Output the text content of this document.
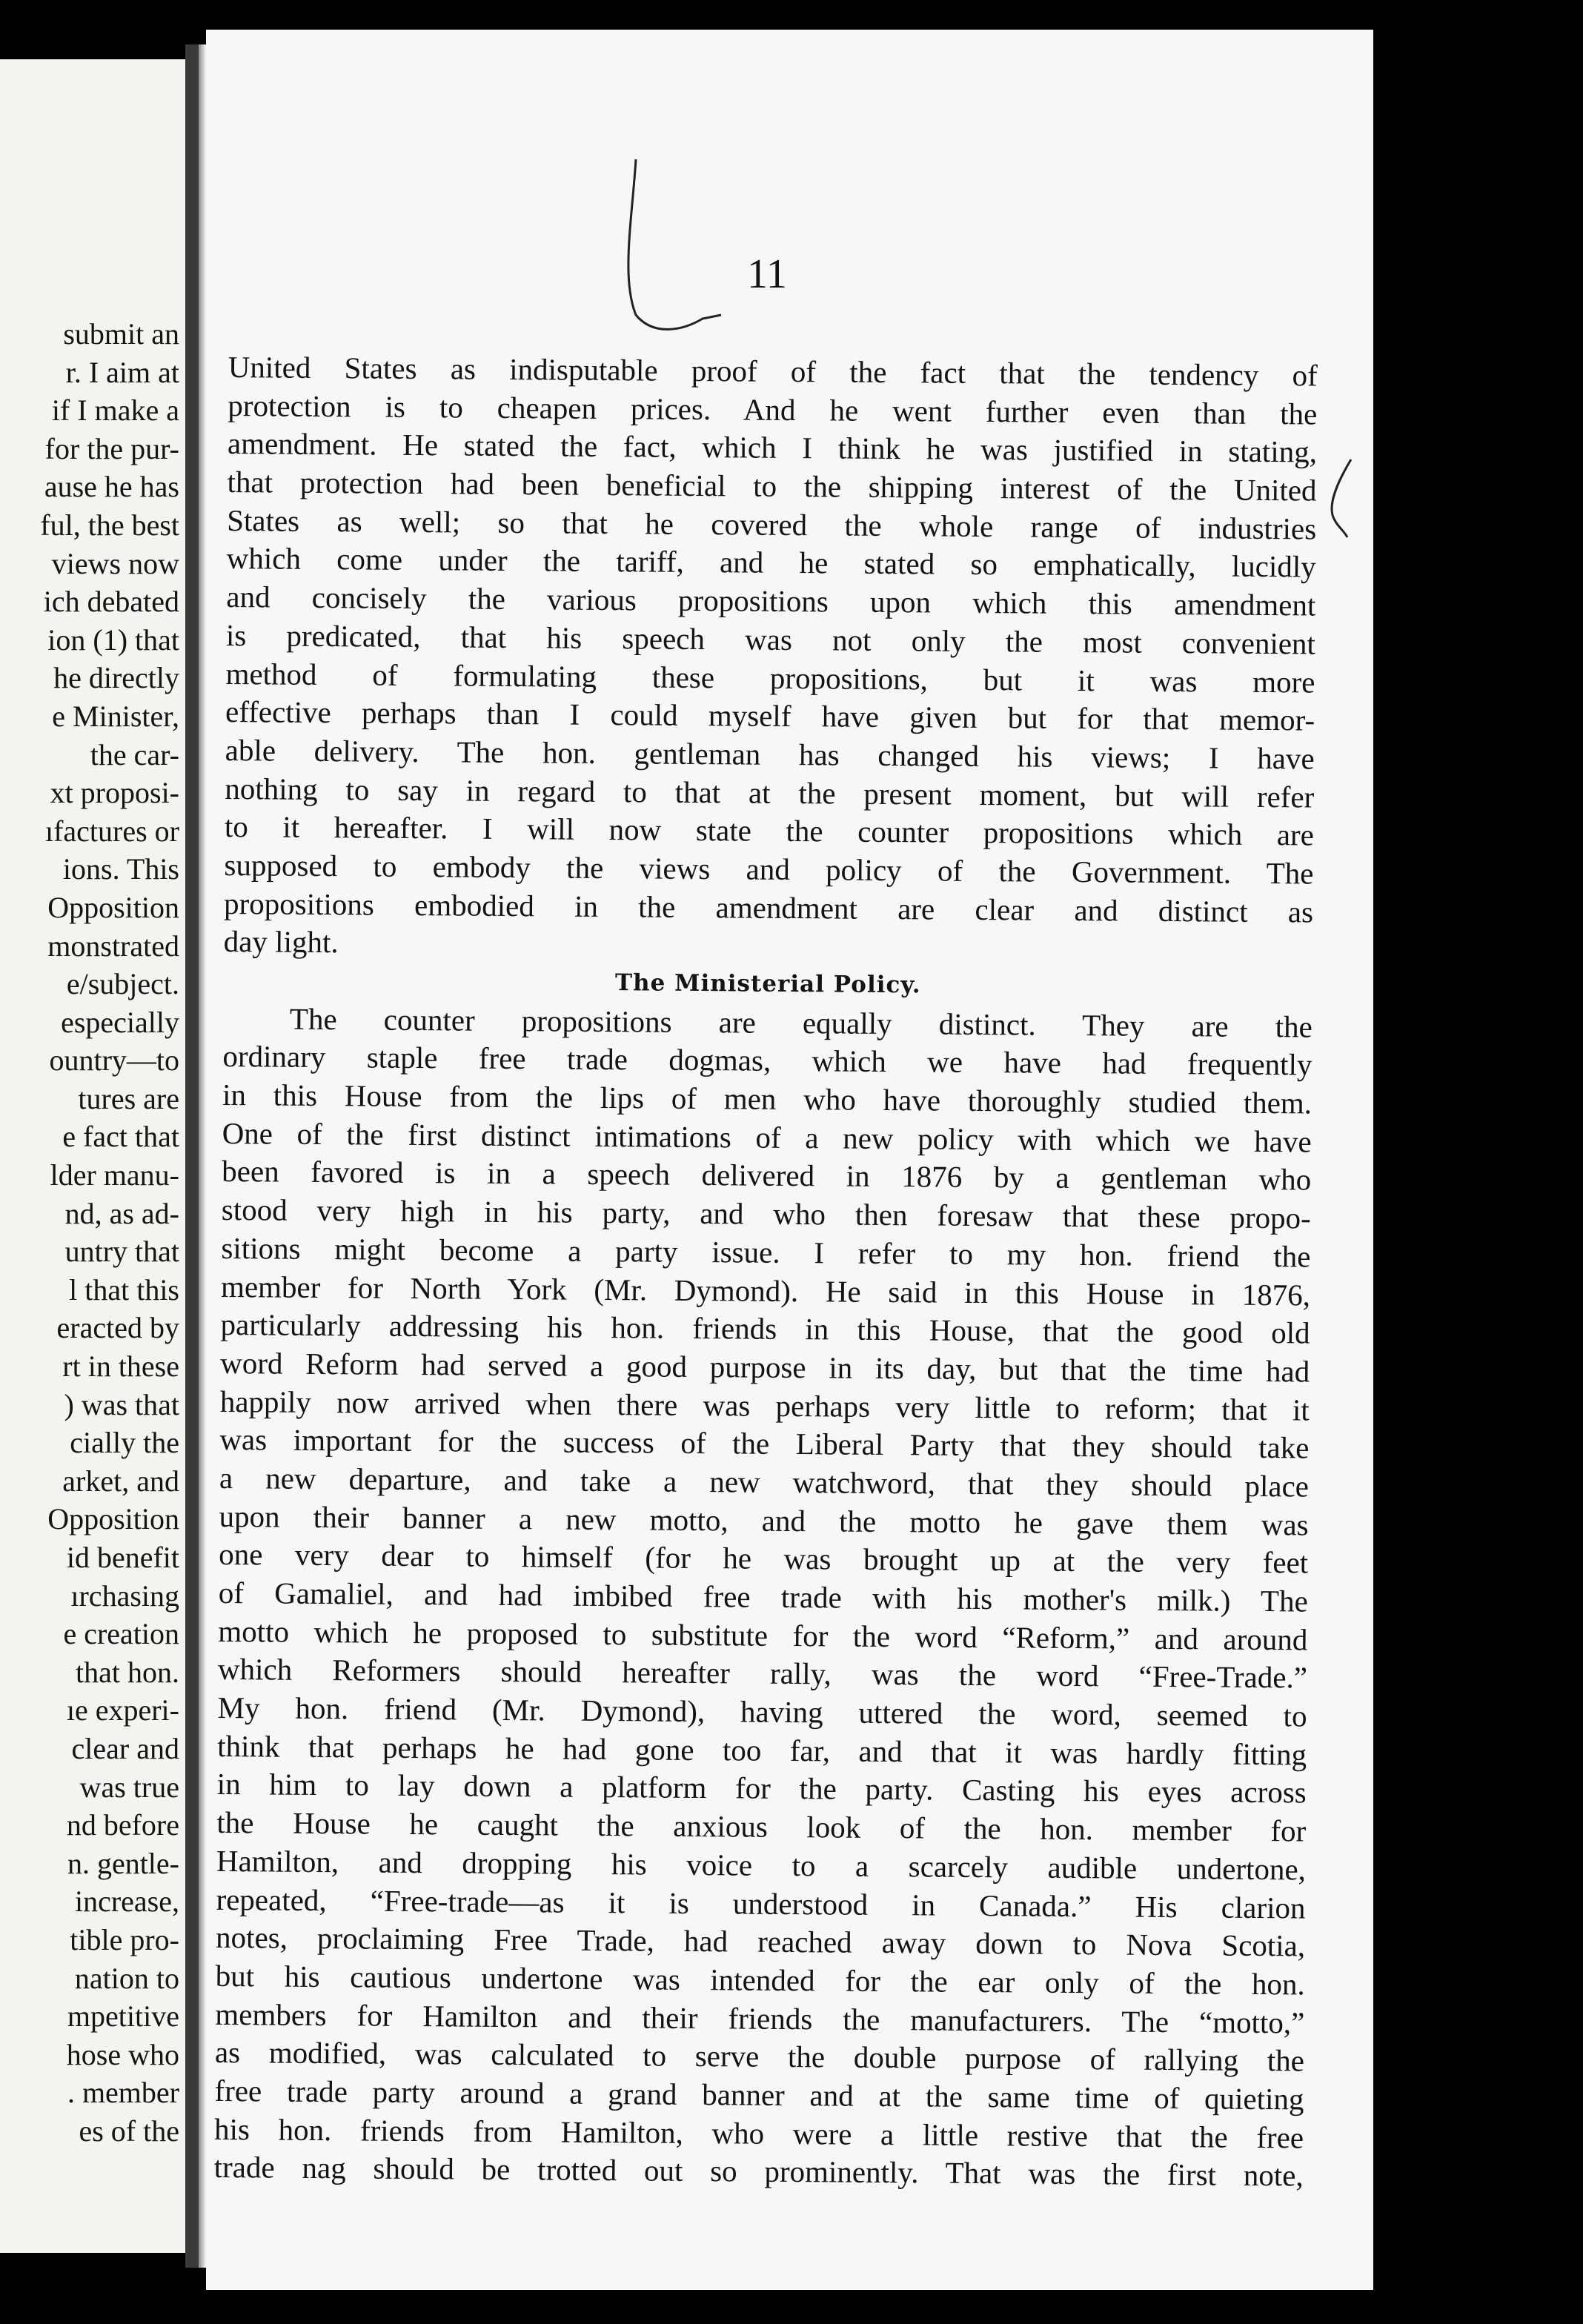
submit an
r. I aim at
if I make a
for the pur-
ause he has
ful, the best
views now
ich debated
ion (1) that
he directly
e Minister,
the car-
xt proposi-
ıfactures or
ions. This
Opposition
monstrated
e/subject.
especially
ountry—to
tures are
e fact that
lder manu-
nd, as ad-
untry that
l that this
eracted by
rt in these
) was that
cially the
arket, and
Opposition
id benefit
ırchasing
e creation
that hon.
ıe experi-
clear and
was true
nd before
n. gentle-
increase,
tible pro-
nation to
mpetitive
hose who
. member
es of the
11
United States as indisputable proof of the fact that the tendency of
protection is to cheapen prices. And he went further even than the
amendment. He stated the fact, which I think he was justified in stating,
that protection had been beneficial to the shipping interest of the United
States as well; so that he covered the whole range of industries
which come under the tariff, and he stated so emphatically, lucidly
and concisely the various propositions upon which this amendment
is predicated, that his speech was not only the most convenient
method of formulating these propositions, but it was more
effective perhaps than I could myself have given but for that memor-
able delivery. The hon. gentleman has changed his views; I have
nothing to say in regard to that at the present moment, but will refer
to it hereafter. I will now state the counter propositions which are
supposed to embody the views and policy of the Government. The
propositions embodied in the amendment are clear and distinct as
day light.
The Ministerial Policy.
The counter propositions are equally distinct. They are the
ordinary staple free trade dogmas, which we have had frequently
in this House from the lips of men who have thoroughly studied them.
One of the first distinct intimations of a new policy with which we have
been favored is in a speech delivered in 1876 by a gentleman who
stood very high in his party, and who then foresaw that these propo-
sitions might become a party issue. I refer to my hon. friend the
member for North York (Mr. Dymond). He said in this House in 1876,
particularly addressing his hon. friends in this House, that the good old
word Reform had served a good purpose in its day, but that the time had
happily now arrived when there was perhaps very little to reform; that it
was important for the success of the Liberal Party that they should take
a new departure, and take a new watchword, that they should place
upon their banner a new motto, and the motto he gave them was
one very dear to himself (for he was brought up at the very feet
of Gamaliel, and had imbibed free trade with his mother's milk.) The
motto which he proposed to substitute for the word “Reform,” and around
which Reformers should hereafter rally, was the word “Free-Trade.”
My hon. friend (Mr. Dymond), having uttered the word, seemed to
think that perhaps he had gone too far, and that it was hardly fitting
in him to lay down a platform for the party. Casting his eyes across
the House he caught the anxious look of the hon. member for
Hamilton, and dropping his voice to a scarcely audible undertone,
repeated, “Free-trade—as it is understood in Canada.” His clarion
notes, proclaiming Free Trade, had reached away down to Nova Scotia,
but his cautious undertone was intended for the ear only of the hon.
members for Hamilton and their friends the manufacturers. The “motto,”
as modified, was calculated to serve the double purpose of rallying the
free trade party around a grand banner and at the same time of quieting
his hon. friends from Hamilton, who were a little restive that the free
trade nag should be trotted out so prominently. That was the first note,
